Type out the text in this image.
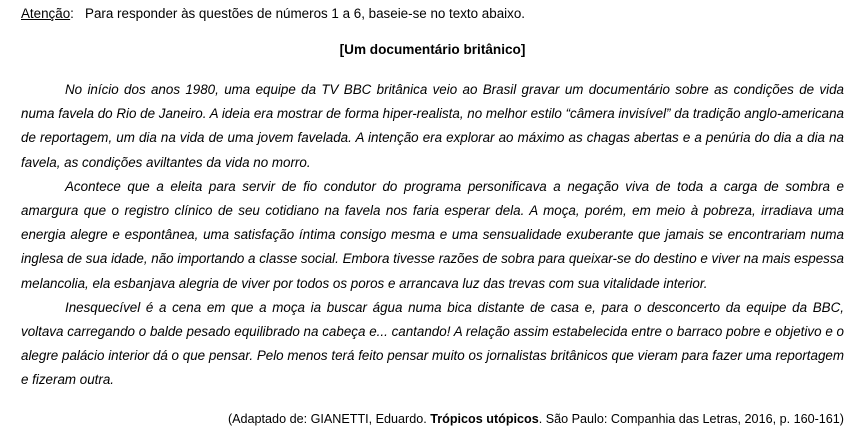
Atenção: Para responder às questões de números 1 a 6, baseie-se no texto abaixo.
[Um documentário britânico]

No início dos anos 1980, uma equipe da TV BBC britânica veio ao Brasil gravar um documentário sobre as condições de vida numa favela do Rio de Janeiro. A ideia era mostrar de forma hiper-realista, no melhor estilo “câmera invisível” da tradição anglo-americana de reportagem, um dia na vida de uma jovem favelada. A intenção era explorar ao máximo as chagas abertas e a penúria do dia a dia na favela, as condições aviltantes da vida no morro.

Acontece que a eleita para servir de fio condutor do programa personificava a negação viva de toda a carga de sombra e amargura que o registro clínico de seu cotidiano na favela nos faria esperar dela. A moça, porém, em meio à pobreza, irradiava uma energia alegre e espontânea, uma satisfação íntima consigo mesma e uma sensualidade exuberante que jamais se encontrariam numa inglesa de sua idade, não importando a classe social. Embora tivesse razões de sobra para queixar-se do destino e viver na mais espessa melancolia, ela esbanjava alegria de viver por todos os poros e arrancava luz das trevas com sua vitalidade interior.

Inesquecível é a cena em que a moça ia buscar água numa bica distante de casa e, para o desconcerto da equipe da BBC, voltava carregando o balde pesado equilibrado na cabeça e... cantando! A relação assim estabelecida entre o barraco pobre e objetivo e o alegre palácio interior dá o que pensar. Pelo menos terá feito pensar muito os jornalistas britânicos que vieram para fazer uma reportagem e fizeram outra.

(Adaptado de: GIANETTI, Eduardo. Trópicos utópicos. São Paulo: Companhia das Letras, 2016, p. 160-161)
